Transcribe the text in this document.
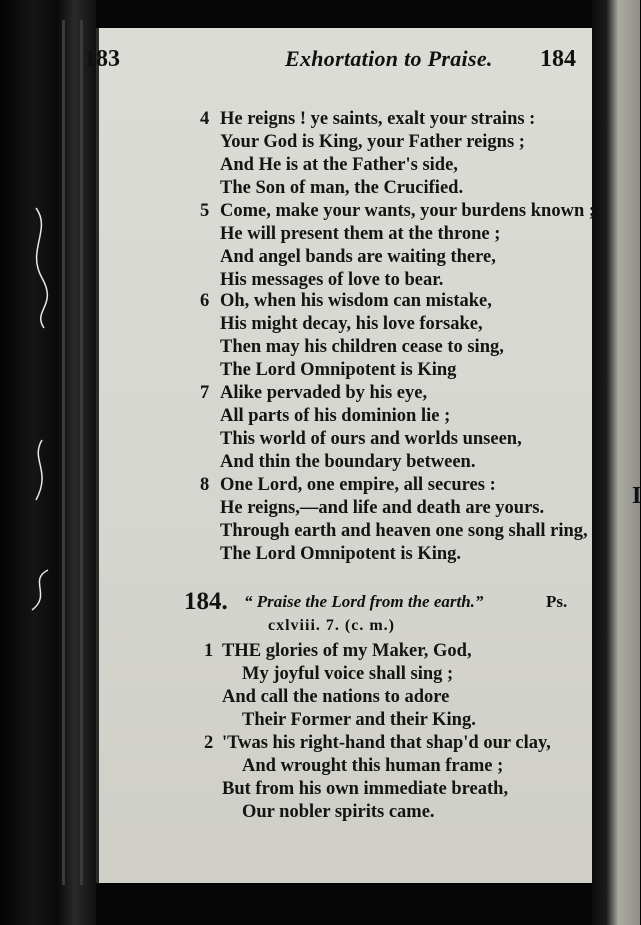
I
183	Exhortation to Praise. 184
4 He reigns ! ye saints, exalt your strains :
Your God is King, your Father reigns ;
And He is at the Father's side,
The Son of man, the Crucified.
5 Come, make your wants, your burdens known ;
He will present them at the throne ;
And angel bands are waiting there,
His messages of love to bear.
6 Oh, when his wisdom can mistake,
His might decay, his love forsake,
Then may his children cease to sing,
The Lord Omnipotent is King
7 Alike pervaded by his eye,
All parts of his dominion lie ;
This world of ours and worlds unseen,
And thin the boundary between.
8 One Lord, one empire, all secures :
He reigns,—and life and death are yours.
Through earth and heaven one song shall ring,
The Lord Omnipotent is King.
184. “ Praise the Lord from the earth.”	Ps.
cxlviii. 7. (c. m.)
1 THE glories of my Maker, God,
My joyful voice shall sing ;
And call the nations to adore
Their Former and their King.
2 'Twas his right-hand that shap'd our clay,
And wrought this human frame ;
But from his own immediate breath,
Our nobler spirits came.
